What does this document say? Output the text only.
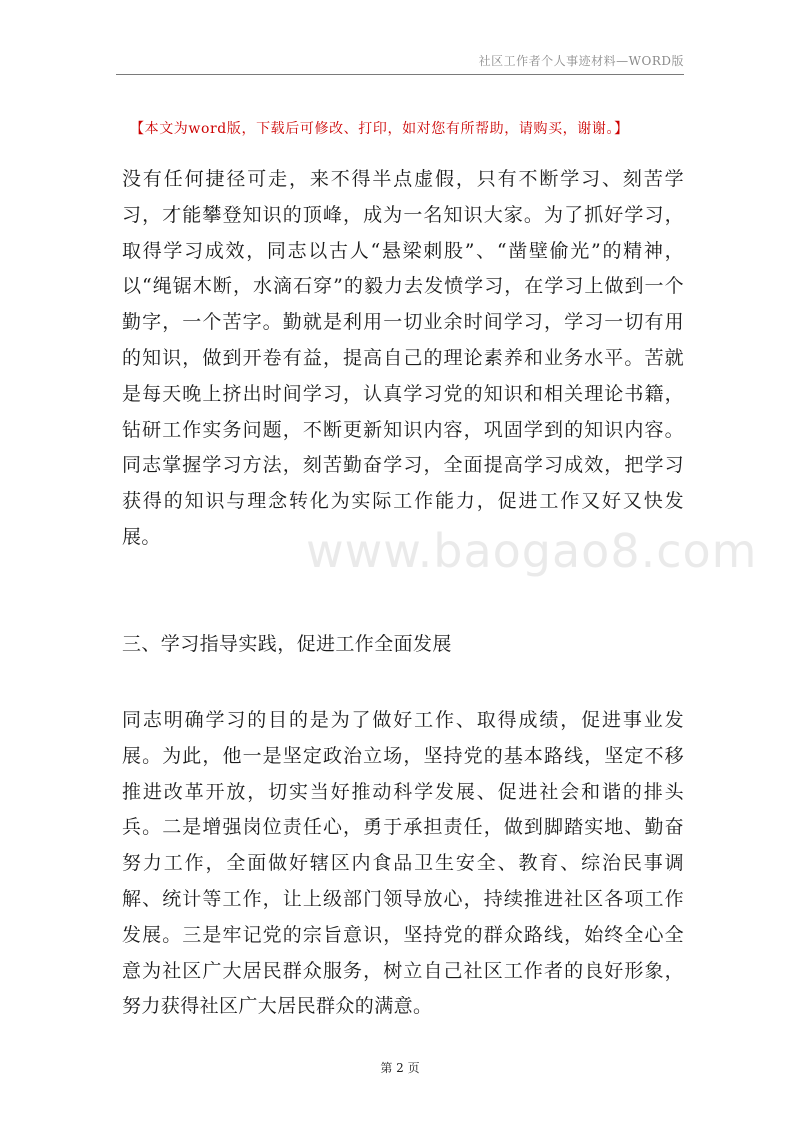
社区工作者个人事迹材料—WORD版
【本文为word版，下载后可修改、打印，如对您有所帮助，请购买，谢谢。】

没有任何捷径可走，来不得半点虚假，只有不断学习、刻苦学习，才能攀登知识的顶峰，成为一名知识大家。为了抓好学习，取得学习成效，同志以古人“悬梁刺股”、“凿壁偷光”的精神，以“绳锯木断，水滴石穿”的毅力去发愤学习，在学习上做到一个勤字，一个苦字。勤就是利用一切业余时间学习，学习一切有用的知识，做到开卷有益，提高自己的理论素养和业务水平。苦就是每天晚上挤出时间学习，认真学习党的知识和相关理论书籍，钻研工作实务问题，不断更新知识内容，巩固学到的知识内容。同志掌握学习方法，刻苦勤奋学习，全面提高学习成效，把学习获得的知识与理念转化为实际工作能力，促进工作又好又快发展。

三、学习指导实践，促进工作全面发展

同志明确学习的目的是为了做好工作、取得成绩，促进事业发展。为此，他一是坚定政治立场，坚持党的基本路线，坚定不移推进改革开放，切实当好推动科学发展、促进社会和谐的排头兵。二是增强岗位责任心，勇于承担责任，做到脚踏实地、勤奋努力工作，全面做好辖区内食品卫生安全、教育、综治民事调解、统计等工作，让上级部门领导放心，持续推进社区各项工作发展。三是牢记党的宗旨意识，坚持党的群众路线，始终全心全意为社区广大居民群众服务，树立自己社区工作者的良好形象，努力获得社区广大居民群众的满意。

www.baogao8.com
第 2 页
